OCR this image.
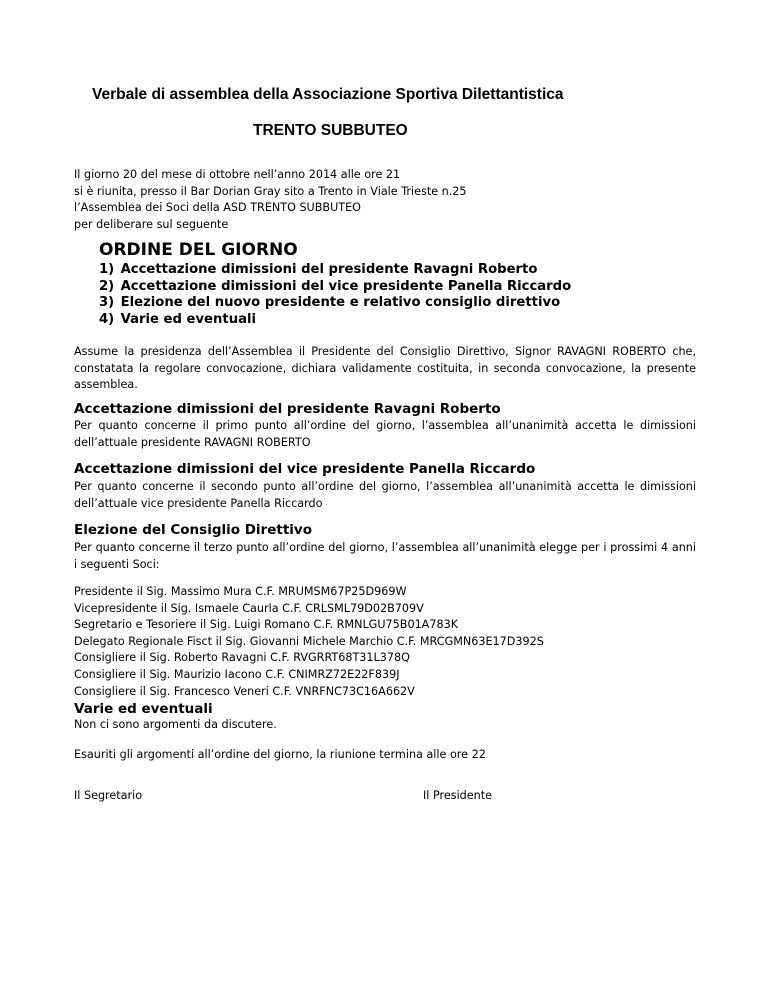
Verbale di assemblea della Associazione Sportiva Dilettantistica
TRENTO SUBBUTEO
Il giorno 20 del mese di ottobre nell’anno 2014 alle ore 21
si è riunita, presso il Bar Dorian Gray sito a Trento in Viale Trieste n.25
l’Assemblea dei Soci della ASD TRENTO SUBBUTEO
per deliberare sul seguente
ORDINE DEL GIORNO
1) Accettazione dimissioni del presidente Ravagni Roberto
2) Accettazione dimissioni del vice presidente Panella Riccardo
3) Elezione del nuovo presidente e relativo consiglio direttivo
4) Varie ed eventuali
Assume la presidenza dell’Assemblea il Presidente del Consiglio Direttivo, Signor RAVAGNI ROBERTO che, constatata la regolare convocazione, dichiara validamente costituita, in seconda convocazione, la presente assemblea.
Accettazione dimissioni del presidente Ravagni Roberto
Per quanto concerne il primo punto all’ordine del giorno, l’assemblea all’unanimità accetta le dimissioni dell’attuale presidente RAVAGNI ROBERTO
Accettazione dimissioni del vice presidente Panella Riccardo
Per quanto concerne il secondo punto all’ordine del giorno, l’assemblea all’unanimità accetta le dimissioni dell’attuale vice presidente Panella Riccardo
Elezione del Consiglio Direttivo
Per quanto concerne il terzo punto all’ordine del giorno, l’assemblea all’unanimità elegge per i prossimi 4 anni i seguenti Soci:
Presidente il Sig. Massimo Mura C.F. MRUMSM67P25D969W
Vicepresidente il Sig. Ismaele Caurla C.F. CRLSML79D02B709V
Segretario e Tesoriere il Sig. Luigi Romano C.F. RMNLGU75B01A783K
Delegato Regionale Fisct il Sig. Giovanni Michele Marchio C.F. MRCGMN63E17D392S
Consigliere il Sig. Roberto Ravagni C.F. RVGRRT68T31L378Q
Consigliere il Sig. Maurizio Iacono C.F. CNIMRZ72E22F839J
Consigliere il Sig. Francesco Veneri C.F. VNRFNC73C16A662V
Varie ed eventuali
Non ci sono argomenti da discutere.
Esauriti gli argomenti all’ordine del giorno, la riunione termina alle ore 22
Il Segretario	Il Presidente
